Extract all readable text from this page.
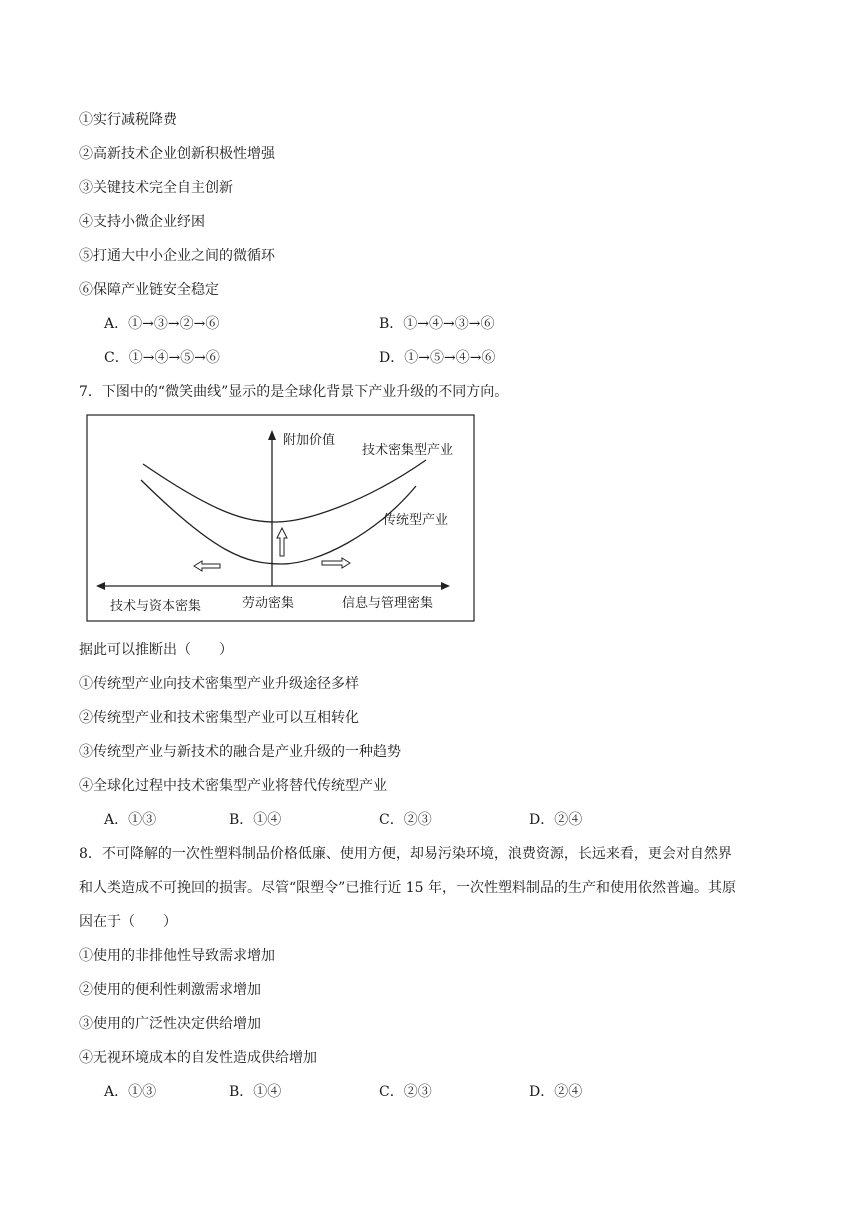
①实行减税降费
②高新技术企业创新积极性增强
③关键技术完全自主创新
④支持小微企业纾困
⑤打通大中小企业之间的微循环
⑥保障产业链安全稳定
A．①→③→②→⑥	B．①→④→③→⑥
C．①→④→⑤→⑥	D．①→⑤→④→⑥
7．下图中的“微笑曲线”显示的是全球化背景下产业升级的不同方向。
附加价值
技术密集型产业
传统型产业
技术与资本密集	劳动密集	信息与管理密集
据此可以推断出（　　）
①传统型产业向技术密集型产业升级途径多样
②传统型产业和技术密集型产业可以互相转化
③传统型产业与新技术的融合是产业升级的一种趋势
④全球化过程中技术密集型产业将替代传统型产业
A．①③	B．①④	C．②③	D．②④
8．不可降解的一次性塑料制品价格低廉、使用方便，却易污染环境，浪费资源，长远来看，更会对自然界
和人类造成不可挽回的损害。尽管“限塑令”已推行近 15 年，一次性塑料制品的生产和使用依然普遍。其原
因在于（　　）
①使用的非排他性导致需求增加
②使用的便利性刺激需求增加
③使用的广泛性决定供给增加
④无视环境成本的自发性造成供给增加
A．①③	B．①④	C．②③	D．②④
